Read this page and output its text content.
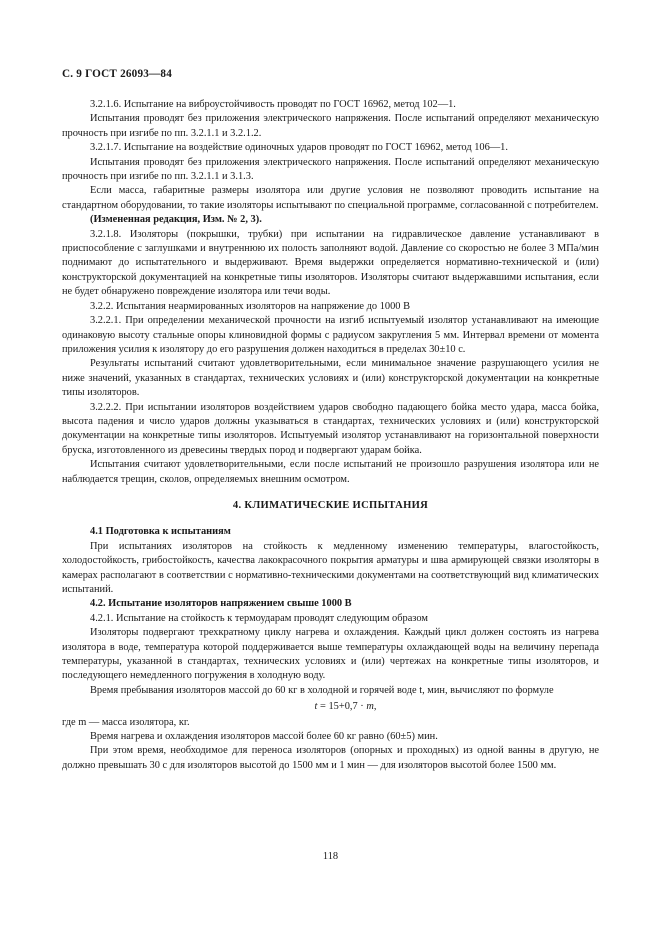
С. 9 ГОСТ 26093—84

3.2.1.6. Испытание на виброустойчивость проводят по ГОСТ 16962, метод 102—1.

Испытания проводят без приложения электрического напряжения. После испытаний определяют механическую прочность при изгибе по пп. 3.2.1.1 и 3.2.1.2.

3.2.1.7. Испытание на воздействие одиночных ударов проводят по ГОСТ 16962, метод 106—1.

Испытания проводят без приложения электрического напряжения. После испытаний определяют механическую прочность при изгибе по пп. 3.2.1.1 и 3.1.3.

Если масса, габаритные размеры изолятора или другие условия не позволяют проводить испытание на стандартном оборудовании, то такие изоляторы испытывают по специальной программе, согласованной с потребителем.

(Измененная редакция, Изм. № 2, 3).

3.2.1.8. Изоляторы (покрышки, трубки) при испытании на гидравлическое давление устанавливают в приспособление с заглушками и внутреннюю их полость заполняют водой. Давление со скоростью не более 3 МПа/мин поднимают до испытательного и выдерживают. Время выдержки определяется нормативно-технической и (или) конструкторской документацией на конкретные типы изоляторов. Изоляторы считают выдержавшими испытания, если не будет обнаружено повреждение изолятора или течи воды.

3.2.2. Испытания неармированных изоляторов на напряжение до 1000 В

3.2.2.1. При определении механической прочности на изгиб испытуемый изолятор устанавливают на имеющие одинаковую высоту стальные опоры клиновидной формы с радиусом закругления 5 мм. Интервал времени от момента приложения усилия к изолятору до его разрушения должен находиться в пределах 30±10 с.

Результаты испытаний считают удовлетворительными, если минимальное значение разрушающего усилия не ниже значений, указанных в стандартах, технических условиях и (или) конструкторской документации на конкретные типы изоляторов.

3.2.2.2. При испытании изоляторов воздействием ударов свободно падающего бойка место удара, масса бойка, высота падения и число ударов должны указываться в стандартах, технических условиях и (или) конструкторской документации на конкретные типы изоляторов. Испытуемый изолятор устанавливают на горизонтальной поверхности бруска, изготовленного из древесины твердых пород и подвергают ударам бойка.

Испытания считают удовлетворительными, если после испытаний не произошло разрушения изолятора или не наблюдается трещин, сколов, определяемых внешним осмотром.

4. КЛИМАТИЧЕСКИЕ ИСПЫТАНИЯ

4.1 Подготовка к испытаниям

При испытаниях изоляторов на стойкость к медленному изменению температуры, влагостойкость, холодостойкость, грибостойкость, качества лакокрасочного покрытия арматуры и шва армирующей связки изоляторы в камерах располагают в соответствии с нормативно-техническими документами на соответствующий вид климатических испытаний.

4.2. Испытание изоляторов напряжением свыше 1000 В

4.2.1. Испытание на стойкость к термоударам проводят следующим образом

Изоляторы подвергают трехкратному циклу нагрева и охлаждения. Каждый цикл должен состоять из нагрева изолятора в воде, температура которой поддерживается выше температуры охлаждающей воды на величину перепада температуры, указанной в стандартах, технических условиях и (или) чертежах на конкретные типы изоляторов, и последующего немедленного погружения в холодную воду.

Время пребывания изоляторов массой до 60 кг в холодной и горячей воде t, мин, вычисляют по формуле

t = 15+0,7 · m,

где m — масса изолятора, кг.

Время нагрева и охлаждения изоляторов массой более 60 кг равно (60±5) мин.

При этом время, необходимое для переноса изоляторов (опорных и проходных) из одной ванны в другую, не должно превышать 30 с для изоляторов высотой до 1500 мм и 1 мин — для изоляторов высотой более 1500 мм.

118
